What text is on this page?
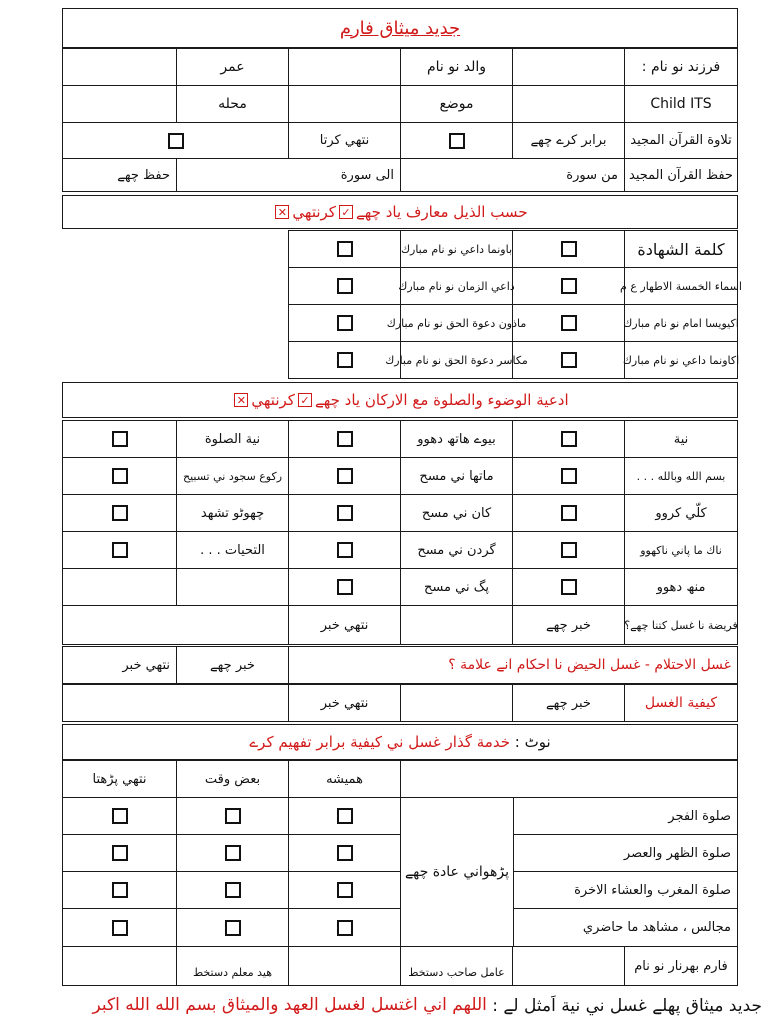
جديد ميثاق فارم
فرزند نو نام :
والد نو نام
عمر
Child ITS
موضع
محله
تلاوة القرآن المجيد
برابر کرے چھے
نتھي کرتا
حفظ القرآن المجيد
من سورة
الى سورة
حفظ چھے
حسب الذيل معارف ياد چھے
✓
کرنتھي
✕
كلمة الشهادة
باونما داعي نو نام مبارك
اسماء الخمسة الاطهار ع م
داعي الزمان نو نام مبارك
اکيويسا امام نو نام مبارك
ماذون دعوة الحق نو نام مبارك
اکاونما داعي نو نام مبارك
مكاسر دعوة الحق نو نام مبارك
ادعية الوضوء والصلوة مع الاركان ياد چھے
✓
کرنتھي
✕
نية
بيوے هاتھ دهوو
نية الصلوة
بسم الله وبالله . . .
ماتھا ني مسح
رکوع سجود ني تسبيح
کلّي کروو
کان ني مسح
چھوٹو تشهد
ناك ما پاني ناکھوو
گردن ني مسح
التحيات . . .
منھ دهوو
پگ ني مسح
فريضة نا غسل کتنا چھے؟
خبر چھے
نتھي خبر
غسل الاحتلام - غسل الحيض نا احكام انے علامة ؟
خبر چھے
نتھي خبر
کيفية الغسل
خبر چھے
نتھي خبر
نوٹ :

خدمة گذار غسل ني کيفية برابر تفهيم کرے
هميشه
بعض وقت
نتھي پڑھتا
پڑھواني عادة چھے
صلوة الفجر
صلوة الظهر والعصر
صلوة المغرب والعشاء الاخرة
مجالس ، مشاهد ما حاضري
فارم بھرنار نو نام
عامل صاحب دستخط
هيد معلم دستخط
جديد ميثاق پهلے غسل ني نية اَمثل لے :

اللهم اني اغتسل لغسل العهد والميثاق بسم الله الله اكبر
